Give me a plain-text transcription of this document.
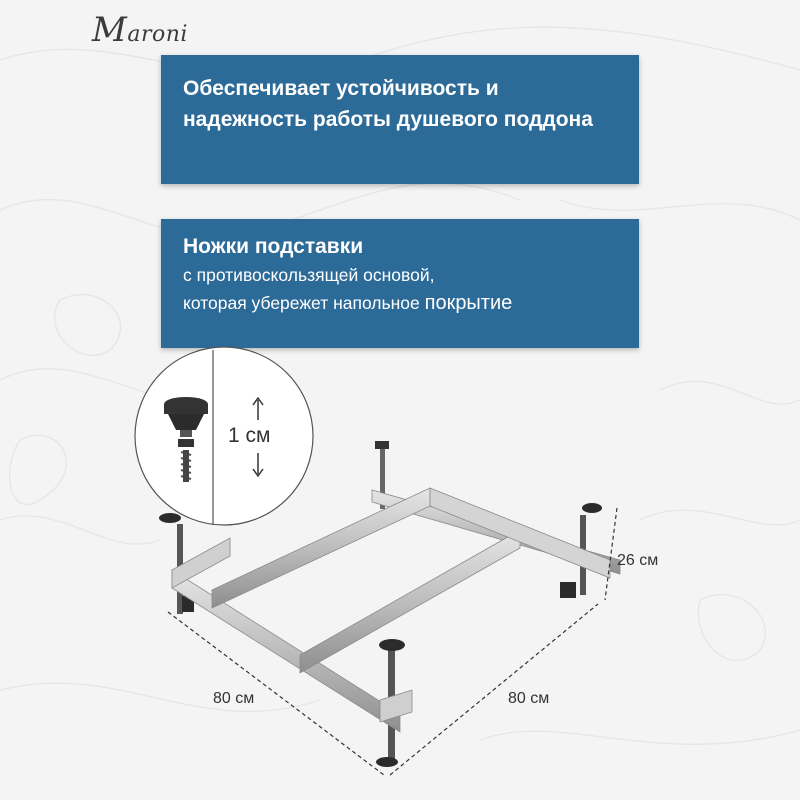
Maroni
Обеспечивает устойчивость и надежность работы душевого поддона
Ножки подставки
с противоскользящей основой,
которая убережет напольное покрытие
1 см
80 см	80 см
26 см
